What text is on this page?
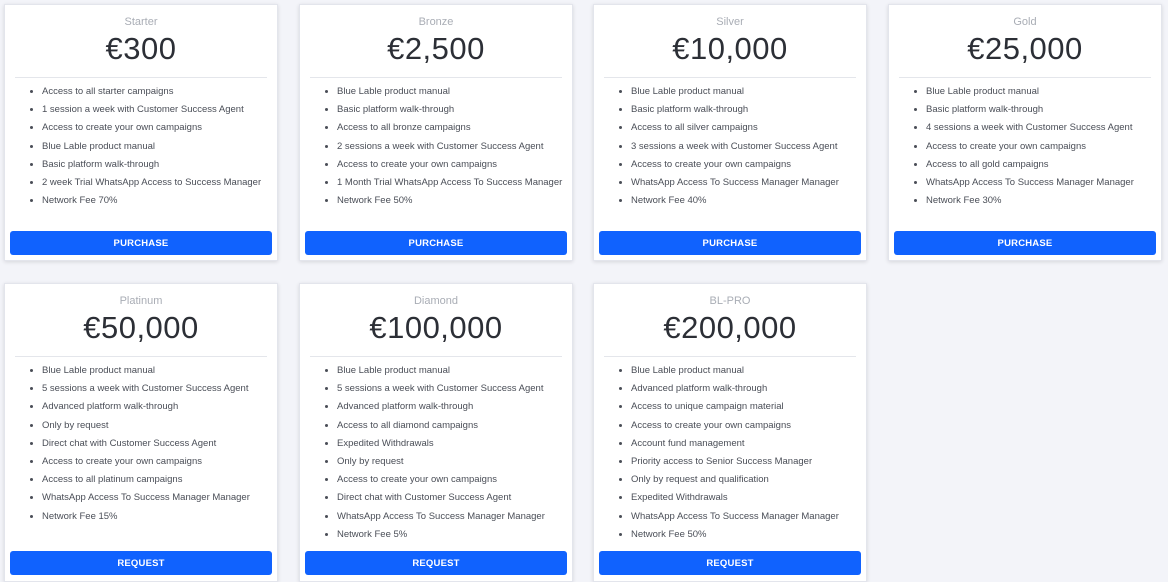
Starter
€300
• Access to all starter campaigns
• 1 session a week with Customer Success Agent
• Access to create your own campaigns
• Blue Lable product manual
• Basic platform walk-through
• 2 week Trial WhatsApp Access to Success Manager
• Network Fee 70%
PURCHASE
Bronze
€2,500
• Blue Lable product manual
• Basic platform walk-through
• Access to all bronze campaigns
• 2 sessions a week with Customer Success Agent
• Access to create your own campaigns
• 1 Month Trial WhatsApp Access To Success Manager
• Network Fee 50%
PURCHASE
Silver
€10,000
• Blue Lable product manual
• Basic platform walk-through
• Access to all silver campaigns
• 3 sessions a week with Customer Success Agent
• Access to create your own campaigns
• WhatsApp Access To Success Manager Manager
• Network Fee 40%
PURCHASE
Gold
€25,000
• Blue Lable product manual
• Basic platform walk-through
• 4 sessions a week with Customer Success Agent
• Access to create your own campaigns
• Access to all gold campaigns
• WhatsApp Access To Success Manager Manager
• Network Fee 30%
PURCHASE
Platinum
€50,000
• Blue Lable product manual
• 5 sessions a week with Customer Success Agent
• Advanced platform walk-through
• Only by request
• Direct chat with Customer Success Agent
• Access to create your own campaigns
• Access to all platinum campaigns
• WhatsApp Access To Success Manager Manager
• Network Fee 15%
REQUEST
Diamond
€100,000
• Blue Lable product manual
• 5 sessions a week with Customer Success Agent
• Advanced platform walk-through
• Access to all diamond campaigns
• Expedited Withdrawals
• Only by request
• Access to create your own campaigns
• Direct chat with Customer Success Agent
• WhatsApp Access To Success Manager Manager
• Network Fee 5%
REQUEST
BL-PRO
€200,000
• Blue Lable product manual
• Advanced platform walk-through
• Access to unique campaign material
• Access to create your own campaigns
• Account fund management
• Priority access to Senior Success Manager
• Only by request and qualification
• Expedited Withdrawals
• WhatsApp Access To Success Manager Manager
• Network Fee 50%
REQUEST
